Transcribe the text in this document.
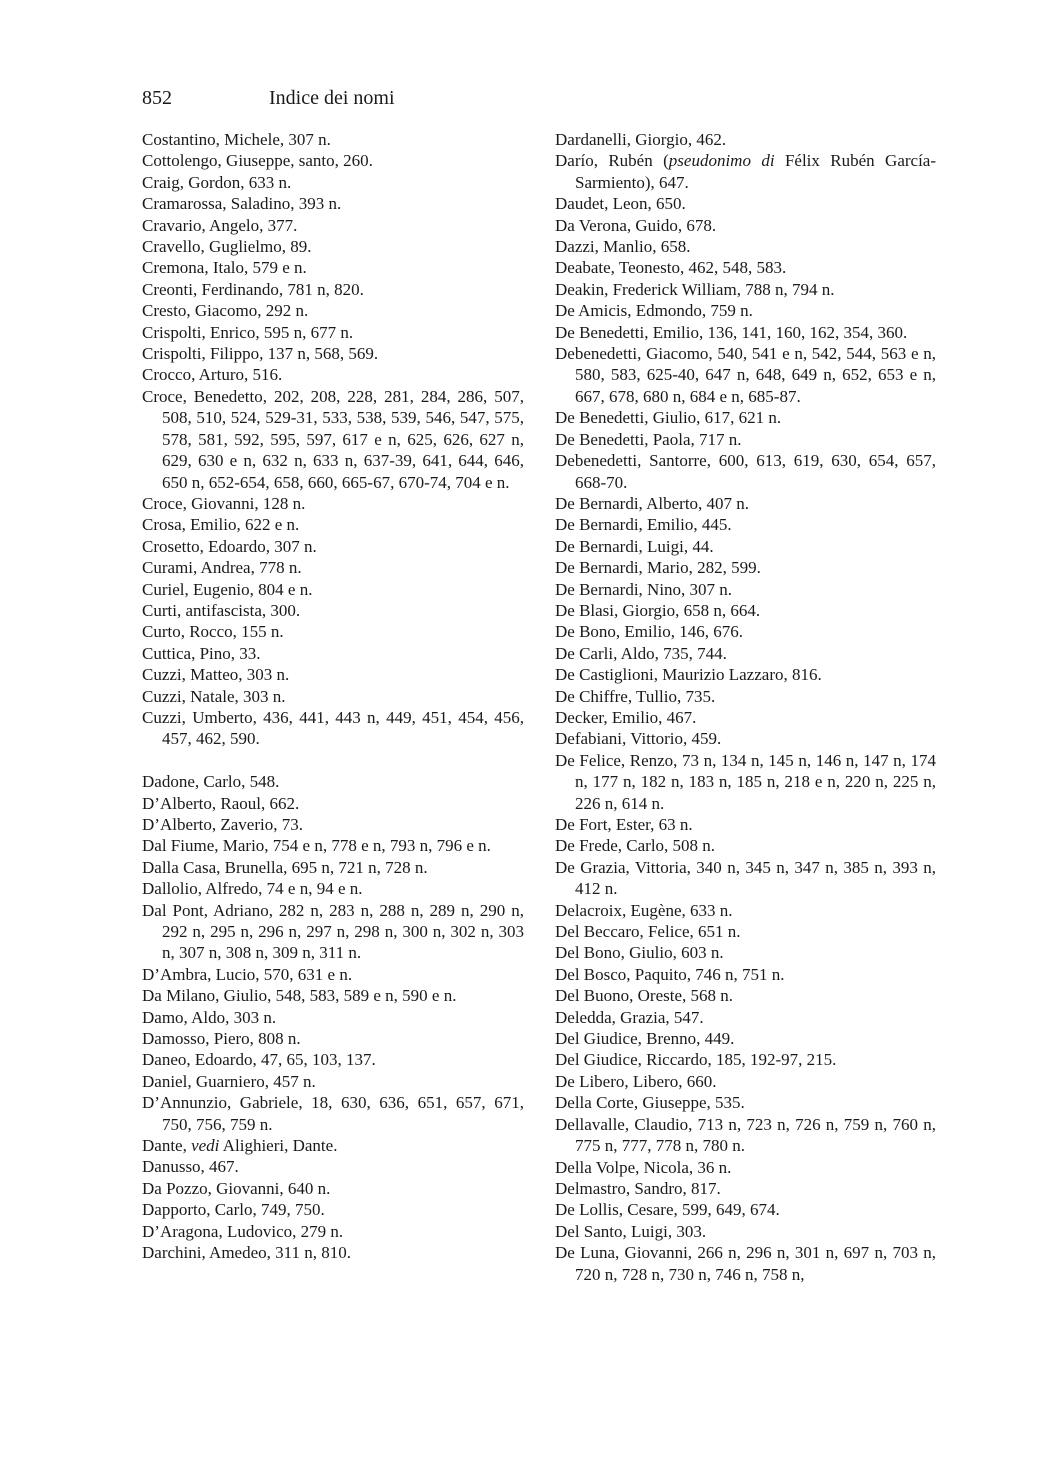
852	Indice dei nomi
Costantino, Michele, 307 n.
Cottolengo, Giuseppe, santo, 260.
Craig, Gordon, 633 n.
Cramarossa, Saladino, 393 n.
Cravario, Angelo, 377.
Cravello, Guglielmo, 89.
Cremona, Italo, 579 e n.
Creonti, Ferdinando, 781 n, 820.
Cresto, Giacomo, 292 n.
Crispolti, Enrico, 595 n, 677 n.
Crispolti, Filippo, 137 n, 568, 569.
Crocco, Arturo, 516.
Croce, Benedetto, 202, 208, 228, 281, 284, 286, 507, 508, 510, 524, 529-31, 533, 538, 539, 546, 547, 575, 578, 581, 592, 595, 597, 617 e n, 625, 626, 627 n, 629, 630 e n, 632 n, 633 n, 637-39, 641, 644, 646, 650 n, 652-654, 658, 660, 665-67, 670-74, 704 e n.
Croce, Giovanni, 128 n.
Crosa, Emilio, 622 e n.
Crosetto, Edoardo, 307 n.
Curami, Andrea, 778 n.
Curiel, Eugenio, 804 e n.
Curti, antifascista, 300.
Curto, Rocco, 155 n.
Cuttica, Pino, 33.
Cuzzi, Matteo, 303 n.
Cuzzi, Natale, 303 n.
Cuzzi, Umberto, 436, 441, 443 n, 449, 451, 454, 456, 457, 462, 590.
Dadone, Carlo, 548.
D’Alberto, Raoul, 662.
D’Alberto, Zaverio, 73.
Dal Fiume, Mario, 754 e n, 778 e n, 793 n, 796 e n.
Dalla Casa, Brunella, 695 n, 721 n, 728 n.
Dallolio, Alfredo, 74 e n, 94 e n.
Dal Pont, Adriano, 282 n, 283 n, 288 n, 289 n, 290 n, 292 n, 295 n, 296 n, 297 n, 298 n, 300 n, 302 n, 303 n, 307 n, 308 n, 309 n, 311 n.
D’Ambra, Lucio, 570, 631 e n.
Da Milano, Giulio, 548, 583, 589 e n, 590 e n.
Damo, Aldo, 303 n.
Damosso, Piero, 808 n.
Daneo, Edoardo, 47, 65, 103, 137.
Daniel, Guarniero, 457 n.
D’Annunzio, Gabriele, 18, 630, 636, 651, 657, 671, 750, 756, 759 n.
Dante, vedi Alighieri, Dante.
Danusso, 467.
Da Pozzo, Giovanni, 640 n.
Dapporto, Carlo, 749, 750.
D’Aragona, Ludovico, 279 n.
Darchini, Amedeo, 311 n, 810.
Dardanelli, Giorgio, 462.
Darío, Rubén (pseudonimo di Félix Rubén García-Sarmiento), 647.
Daudet, Leon, 650.
Da Verona, Guido, 678.
Dazzi, Manlio, 658.
Deabate, Teonesto, 462, 548, 583.
Deakin, Frederick William, 788 n, 794 n.
De Amicis, Edmondo, 759 n.
De Benedetti, Emilio, 136, 141, 160, 162, 354, 360.
Debenedetti, Giacomo, 540, 541 e n, 542, 544, 563 e n, 580, 583, 625-40, 647 n, 648, 649 n, 652, 653 e n, 667, 678, 680 n, 684 e n, 685-87.
De Benedetti, Giulio, 617, 621 n.
De Benedetti, Paola, 717 n.
Debenedetti, Santorre, 600, 613, 619, 630, 654, 657, 668-70.
De Bernardi, Alberto, 407 n.
De Bernardi, Emilio, 445.
De Bernardi, Luigi, 44.
De Bernardi, Mario, 282, 599.
De Bernardi, Nino, 307 n.
De Blasi, Giorgio, 658 n, 664.
De Bono, Emilio, 146, 676.
De Carli, Aldo, 735, 744.
De Castiglioni, Maurizio Lazzaro, 816.
De Chiffre, Tullio, 735.
Decker, Emilio, 467.
Defabiani, Vittorio, 459.
De Felice, Renzo, 73 n, 134 n, 145 n, 146 n, 147 n, 174 n, 177 n, 182 n, 183 n, 185 n, 218 e n, 220 n, 225 n, 226 n, 614 n.
De Fort, Ester, 63 n.
De Frede, Carlo, 508 n.
De Grazia, Vittoria, 340 n, 345 n, 347 n, 385 n, 393 n, 412 n.
Delacroix, Eugène, 633 n.
Del Beccaro, Felice, 651 n.
Del Bono, Giulio, 603 n.
Del Bosco, Paquito, 746 n, 751 n.
Del Buono, Oreste, 568 n.
Deledda, Grazia, 547.
Del Giudice, Brenno, 449.
Del Giudice, Riccardo, 185, 192-97, 215.
De Libero, Libero, 660.
Della Corte, Giuseppe, 535.
Dellavalle, Claudio, 713 n, 723 n, 726 n, 759 n, 760 n, 775 n, 777, 778 n, 780 n.
Della Volpe, Nicola, 36 n.
Delmastro, Sandro, 817.
De Lollis, Cesare, 599, 649, 674.
Del Santo, Luigi, 303.
De Luna, Giovanni, 266 n, 296 n, 301 n, 697 n, 703 n, 720 n, 728 n, 730 n, 746 n, 758 n,
